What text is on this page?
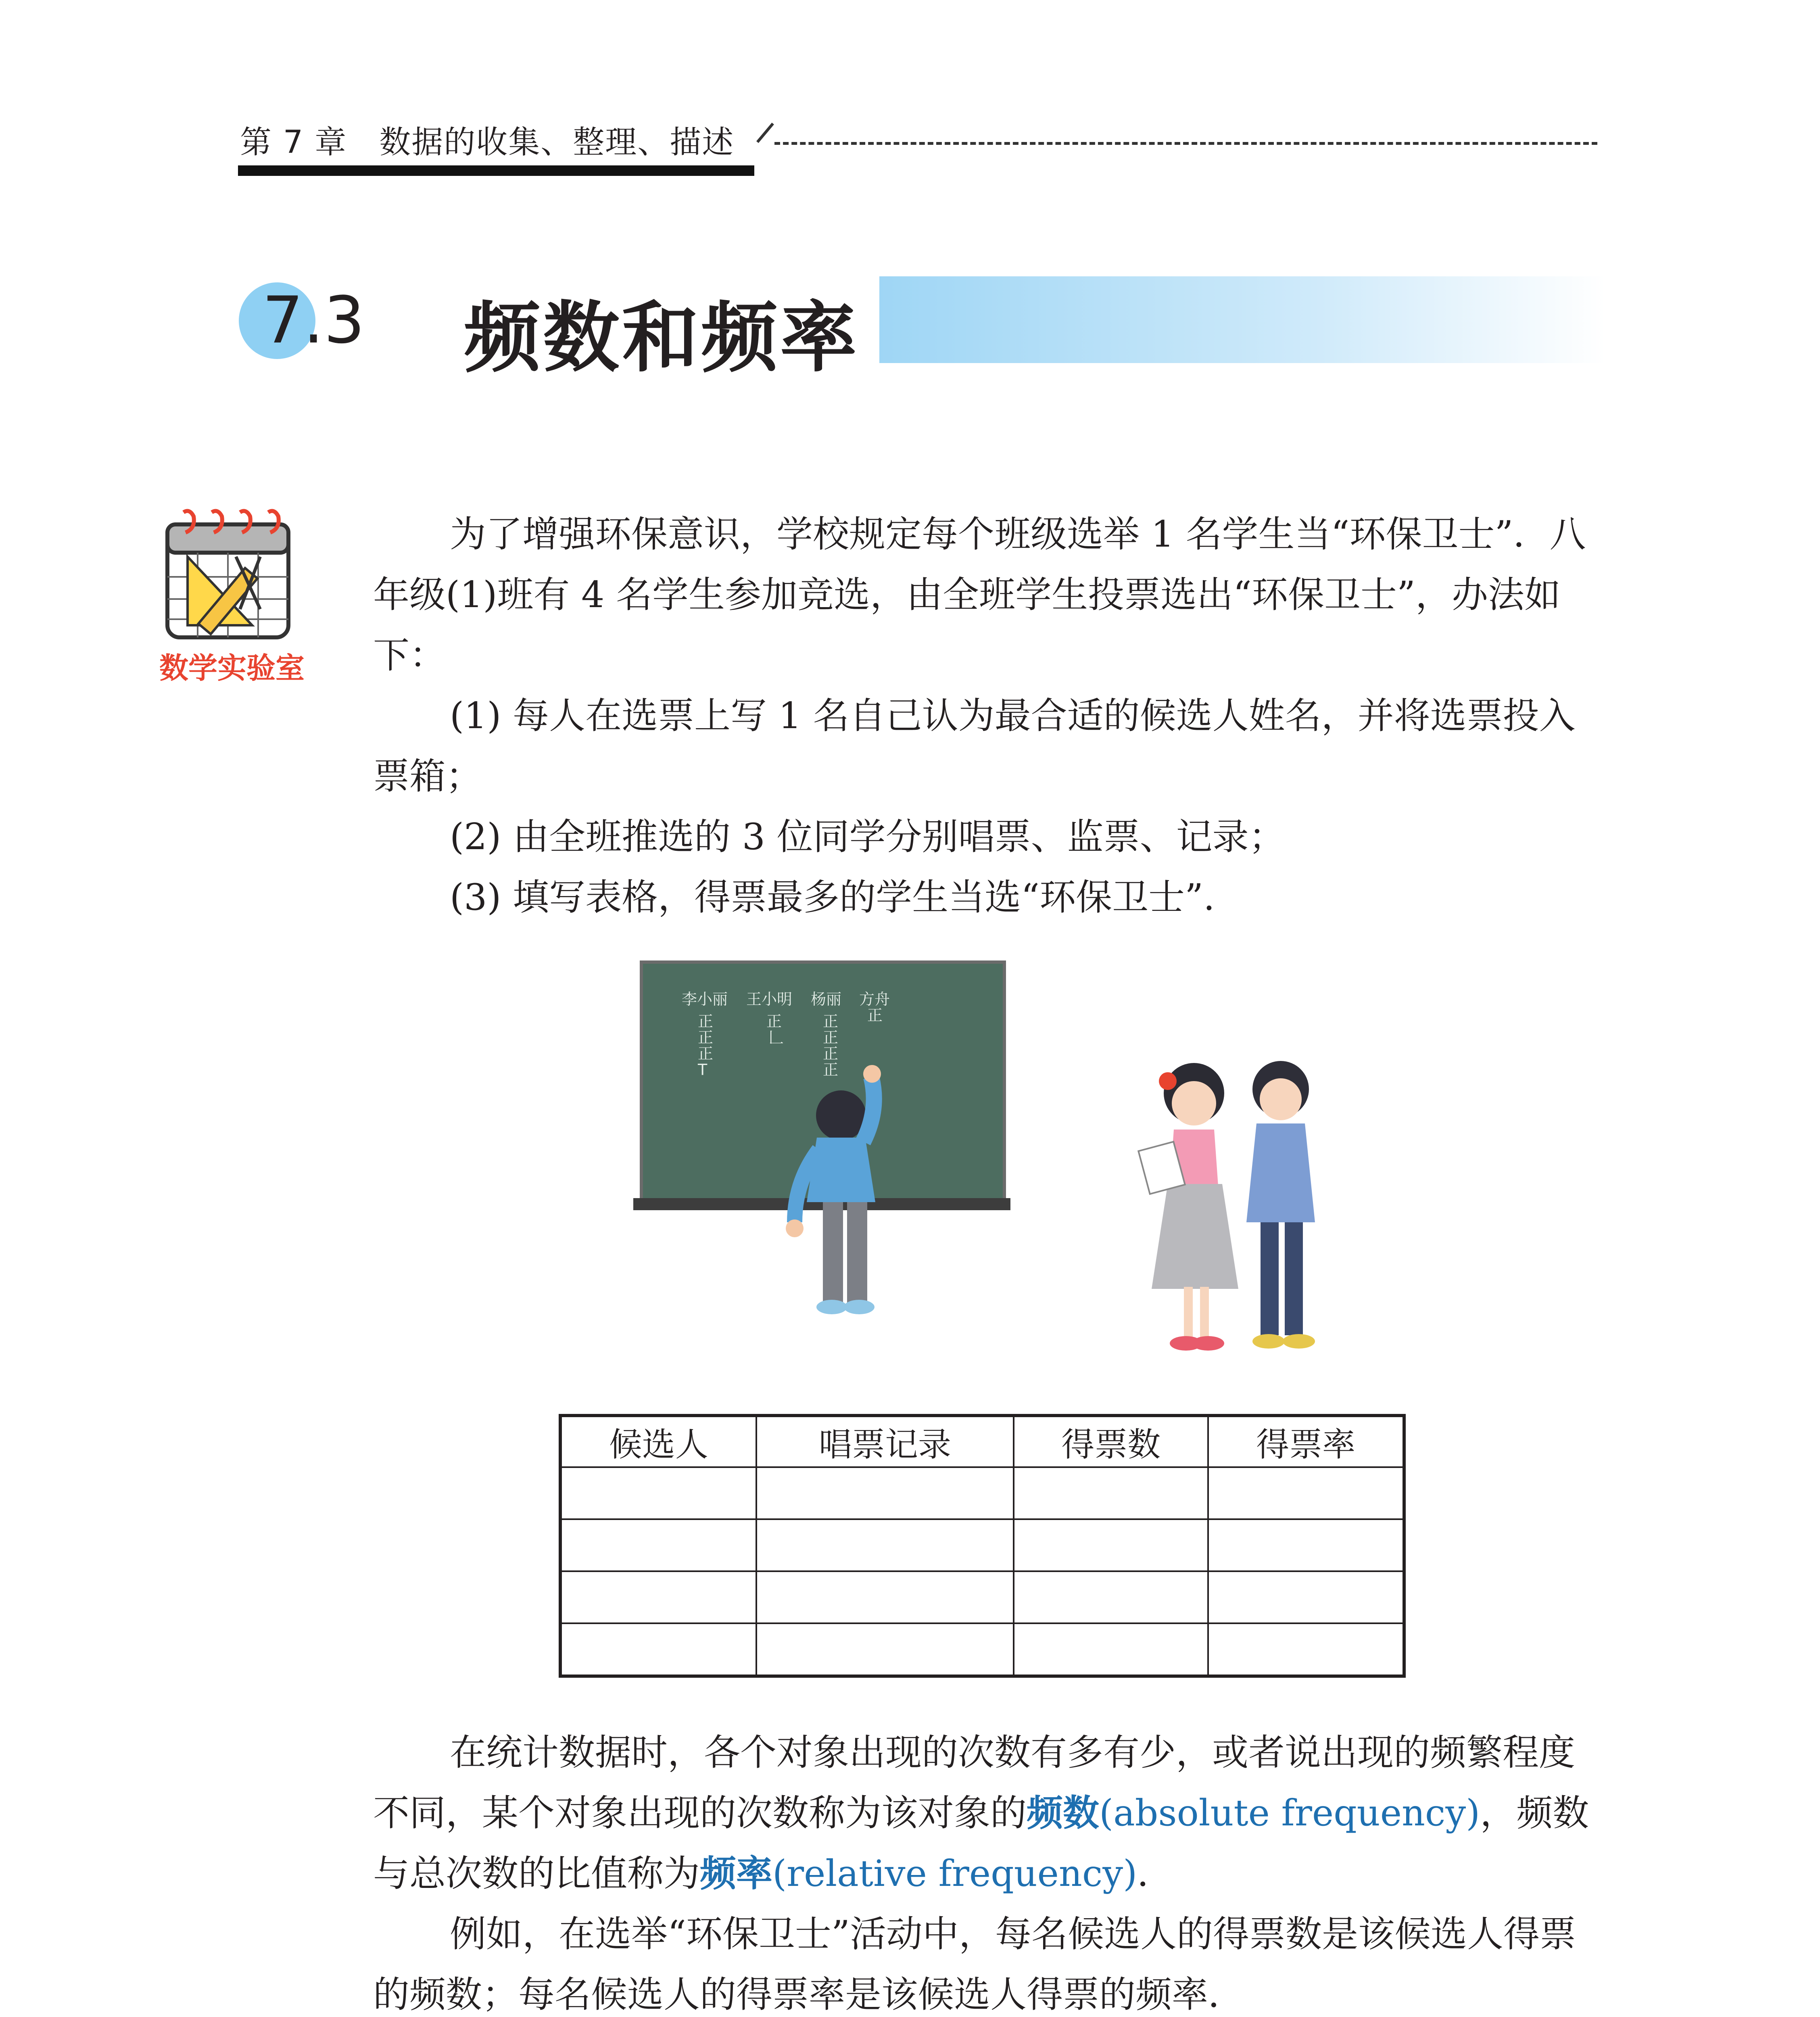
第 7 章　数据的收集、整理、描述
7.3 频数和频率
数学实验室
为了增强环保意识，学校规定每个班级选举 1 名学生当“环保卫士”．八年级(1)班有 4 名学生参加竞选，由全班学生投票选出“环保卫士”，办法如下：
(1) 每人在选票上写 1 名自己认为最合适的候选人姓名，并将选票投入票箱；
(2) 由全班推选的 3 位同学分别唱票、监票、记录；
(3) 填写表格，得票最多的学生当选“环保卫士”.
李小丽 王小明 杨丽 方舟
正
正
正
T
正
𠃊
正
正
正
正
正
候选人	唱票记录	得票数	得票率

在统计数据时，各个对象出现的次数有多有少，或者说出现的频繁程度不同，某个对象出现的次数称为该对象的频数(absolute frequency)，频数与总次数的比值称为频率(relative frequency)．
例如，在选举“环保卫士”活动中，每名候选人的得票数是该候选人得票的频数；每名候选人的得票率是该候选人得票的频率．
